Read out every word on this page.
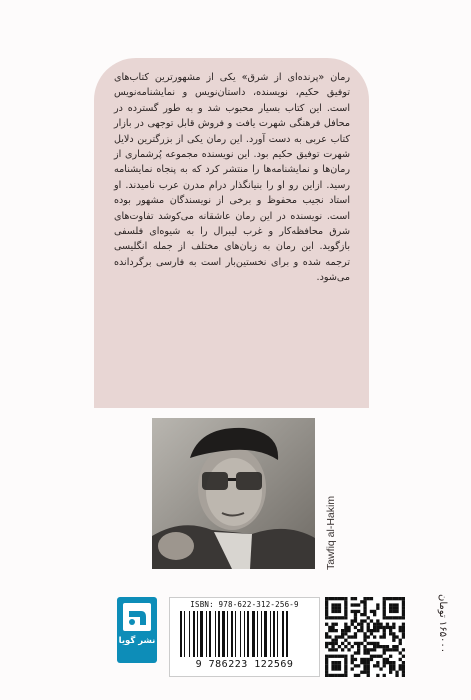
رمان «پرنده‌ای از شرق» یکی از مشهورترین کتاب‌های توفیق حکیم، نویسنده، داستان‌نویس و نمایشنامه‌نویس است. این کتاب بسیار محبوب شد و به طور گسترده در محافل فرهنگی شهرت یافت و فروش قابل توجهی در بازار کتاب عربی به دست آورد. این رمان یکی از بزرگترین دلایل شهرت توفیق حکیم بود. این نویسنده مجموعه پُرشماری از رمان‌ها و نمایشنامه‌ها را منتشر کرد که به پنجاه نمایشنامه رسید. ازاین رو او را بنیانگذار درام مدرن عرب نامیدند. او استاد نجیب محفوظ و برخی از نویسندگان مشهور بوده است. نویسنده در این رمان عاشقانه می‌کوشد تفاوت‌های شرق محافظه‌کار و غرب لیبرال را به شیوه‌ای فلسفی بازگوید. این رمان به زبان‌های مختلف از جمله انگلیسی ترجمه شده و برای نخستین‌بار است به فارسی برگردانده می‌شود.

Tawfiq al-Hakim
نشر گویا
ISBN: 978-622-312-256-9
9 786223 122569
۱۶۵۰۰۰ تومان
